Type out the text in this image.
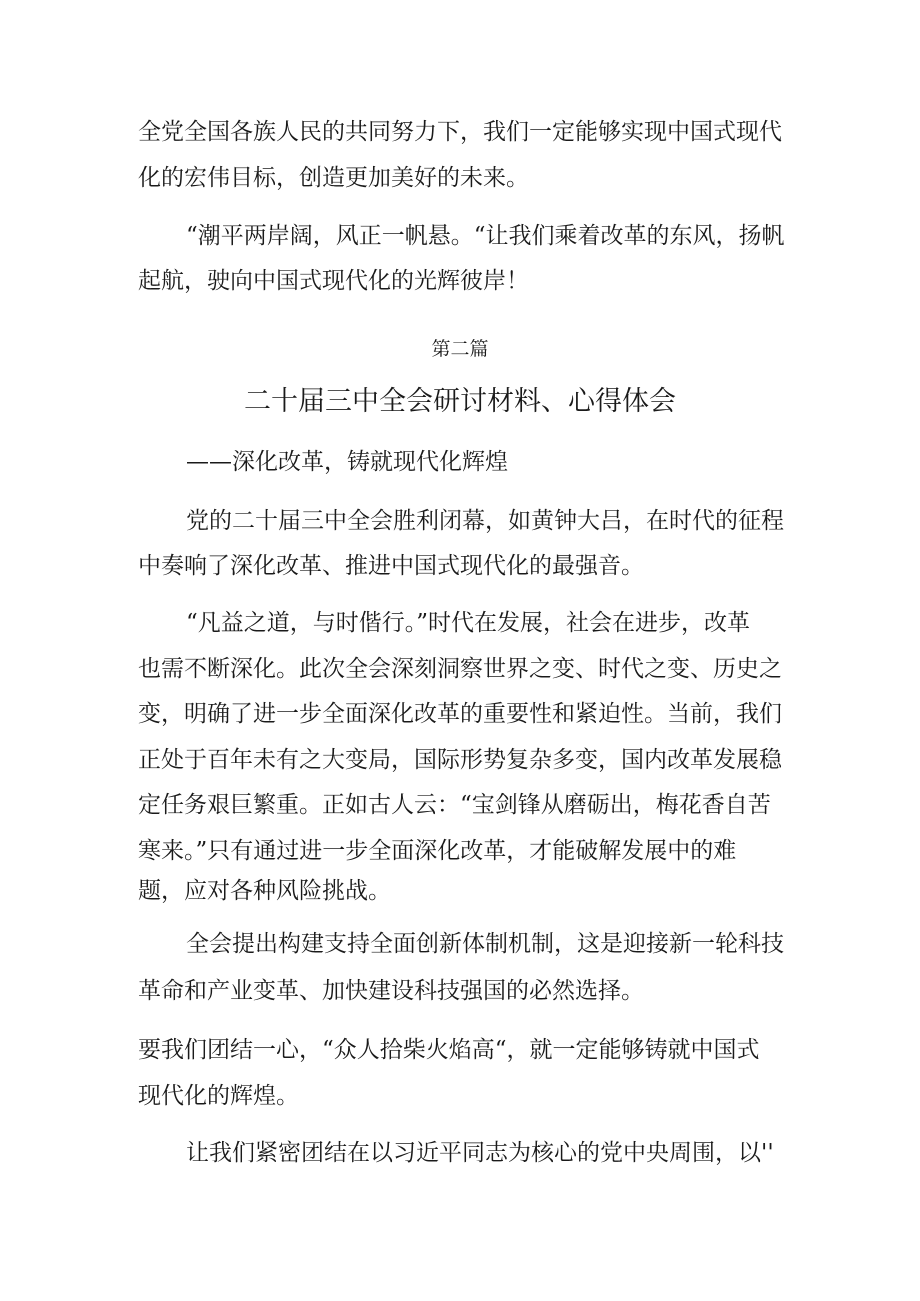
全党全国各族人民的共同努力下，我们一定能够实现中国式现代
化的宏伟目标，创造更加美好的未来。
“潮平两岸阔，风正一帆悬。“让我们乘着改革的东风，扬帆
起航，驶向中国式现代化的光辉彼岸！
第二篇
二十届三中全会研讨材料、心得体会
——深化改革，铸就现代化辉煌
党的二十届三中全会胜利闭幕，如黄钟大吕，在时代的征程
中奏响了深化改革、推进中国式现代化的最强音。
“凡益之道，与时偕行。”时代在发展，社会在进步，改革
也需不断深化。此次全会深刻洞察世界之变、时代之变、历史之
变，明确了进一步全面深化改革的重要性和紧迫性。当前，我们
正处于百年未有之大变局，国际形势复杂多变，国内改革发展稳
定任务艰巨繁重。正如古人云：“宝剑锋从磨砺出，梅花香自苦
寒来。”只有通过进一步全面深化改革，才能破解发展中的难
题，应对各种风险挑战。
全会提出构建支持全面创新体制机制，这是迎接新一轮科技
革命和产业变革、加快建设科技强国的必然选择。
要我们团结一心，“众人拾柴火焰高“，就一定能够铸就中国式
现代化的辉煌。
让我们紧密团结在以习近平同志为核心的党中央周围，以''
